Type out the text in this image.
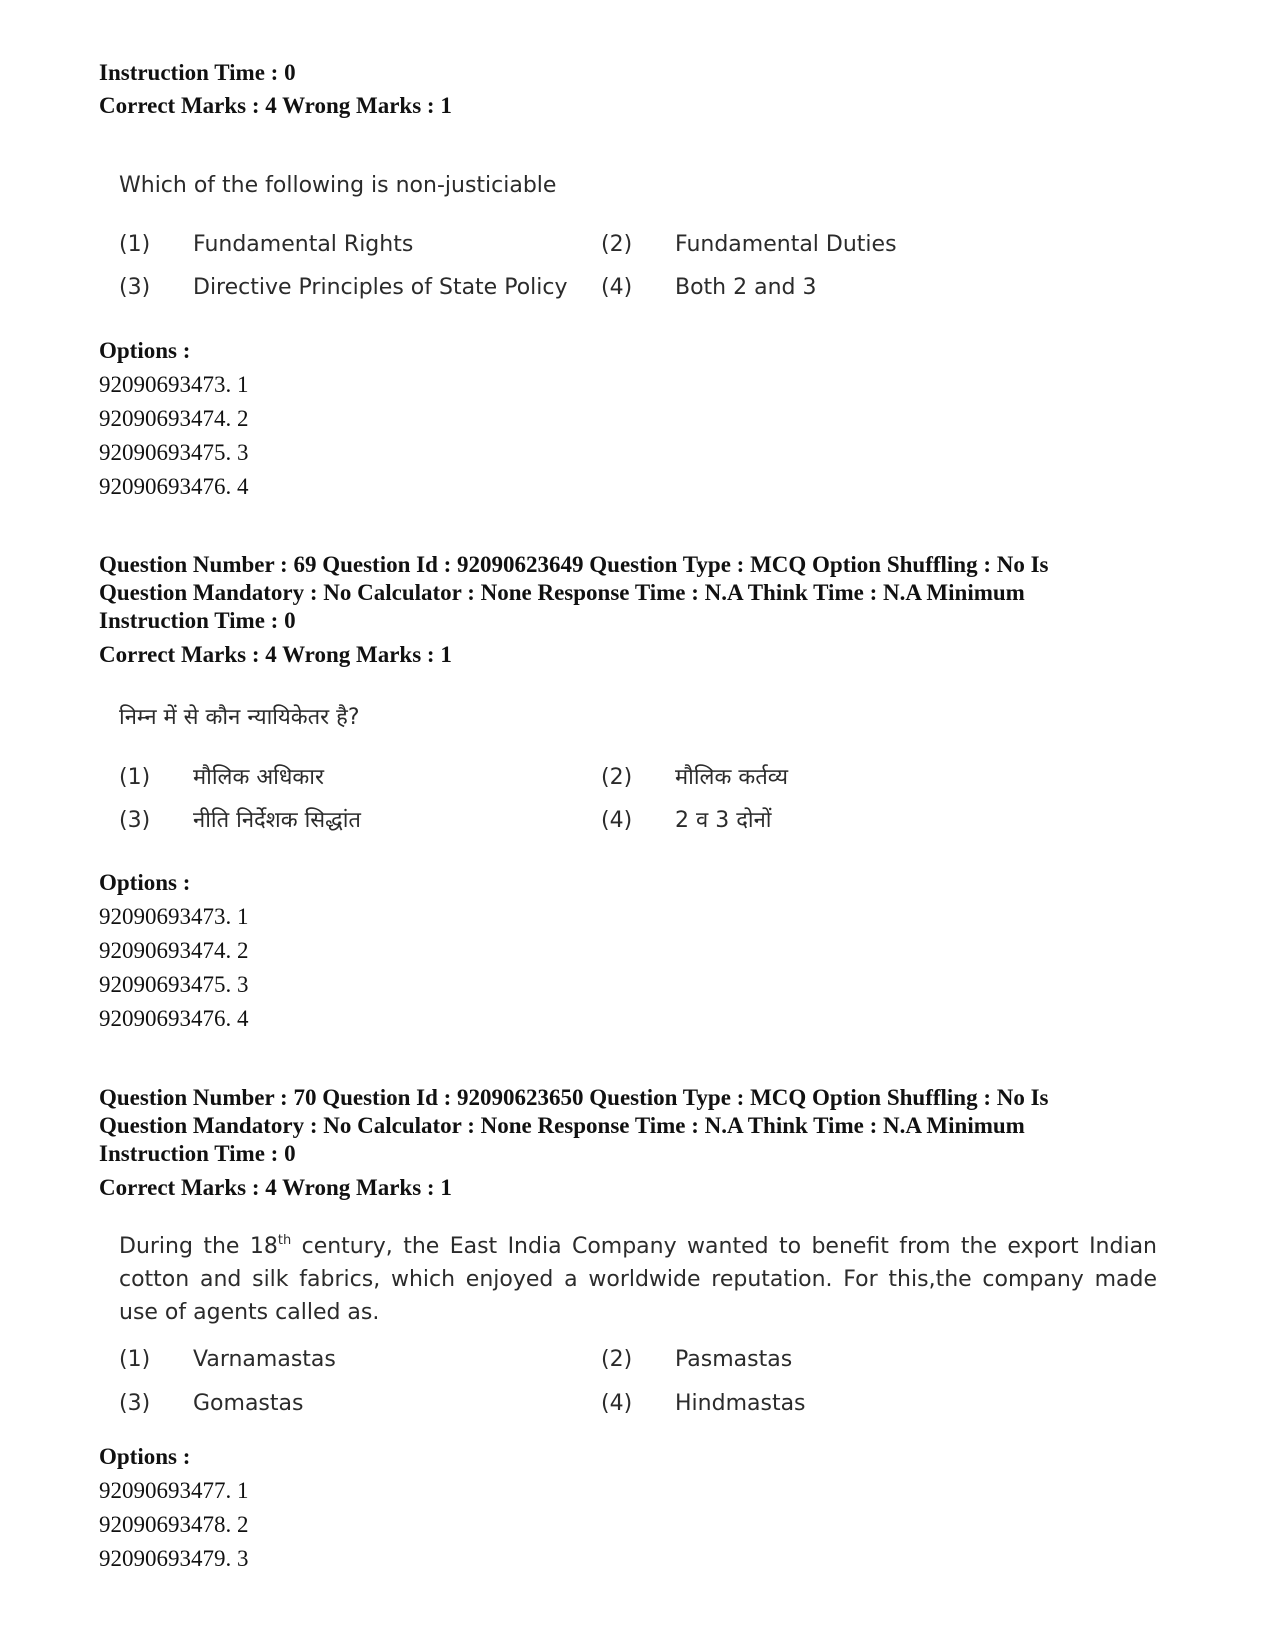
Instruction Time : 0
Correct Marks : 4 Wrong Marks : 1
Which of the following is non-justiciable
(1) Fundamental Rights	(2) Fundamental Duties
(3) Directive Principles of State Policy (4) Both 2 and 3
Options :
92090693473. 1
92090693474. 2
92090693475. 3
92090693476. 4
Question Number : 69 Question Id : 92090623649 Question Type : MCQ Option Shuffling : No Is
Question Mandatory : No Calculator : None Response Time : N.A Think Time : N.A Minimum
Instruction Time : 0
Correct Marks : 4 Wrong Marks : 1
निम्न में से कौन न्यायिकेतर है?
(1) मौलिक अधिकार	(2) मौलिक कर्तव्य
(3) नीति निर्देशक सिद्धांत	(4) 2 व 3 दोनों
Options :
92090693473. 1
92090693474. 2
92090693475. 3
92090693476. 4
Question Number : 70 Question Id : 92090623650 Question Type : MCQ Option Shuffling : No Is
Question Mandatory : No Calculator : None Response Time : N.A Think Time : N.A Minimum
Instruction Time : 0
Correct Marks : 4 Wrong Marks : 1
During the 18th century, the East India Company wanted to benefit from the export Indian cotton and silk fabrics, which enjoyed a worldwide reputation. For this,the company made use of agents called as.
(1) Varnamastas	(2) Pasmastas
(3) Gomastas	(4) Hindmastas
Options :
92090693477. 1
92090693478. 2
92090693479. 3
